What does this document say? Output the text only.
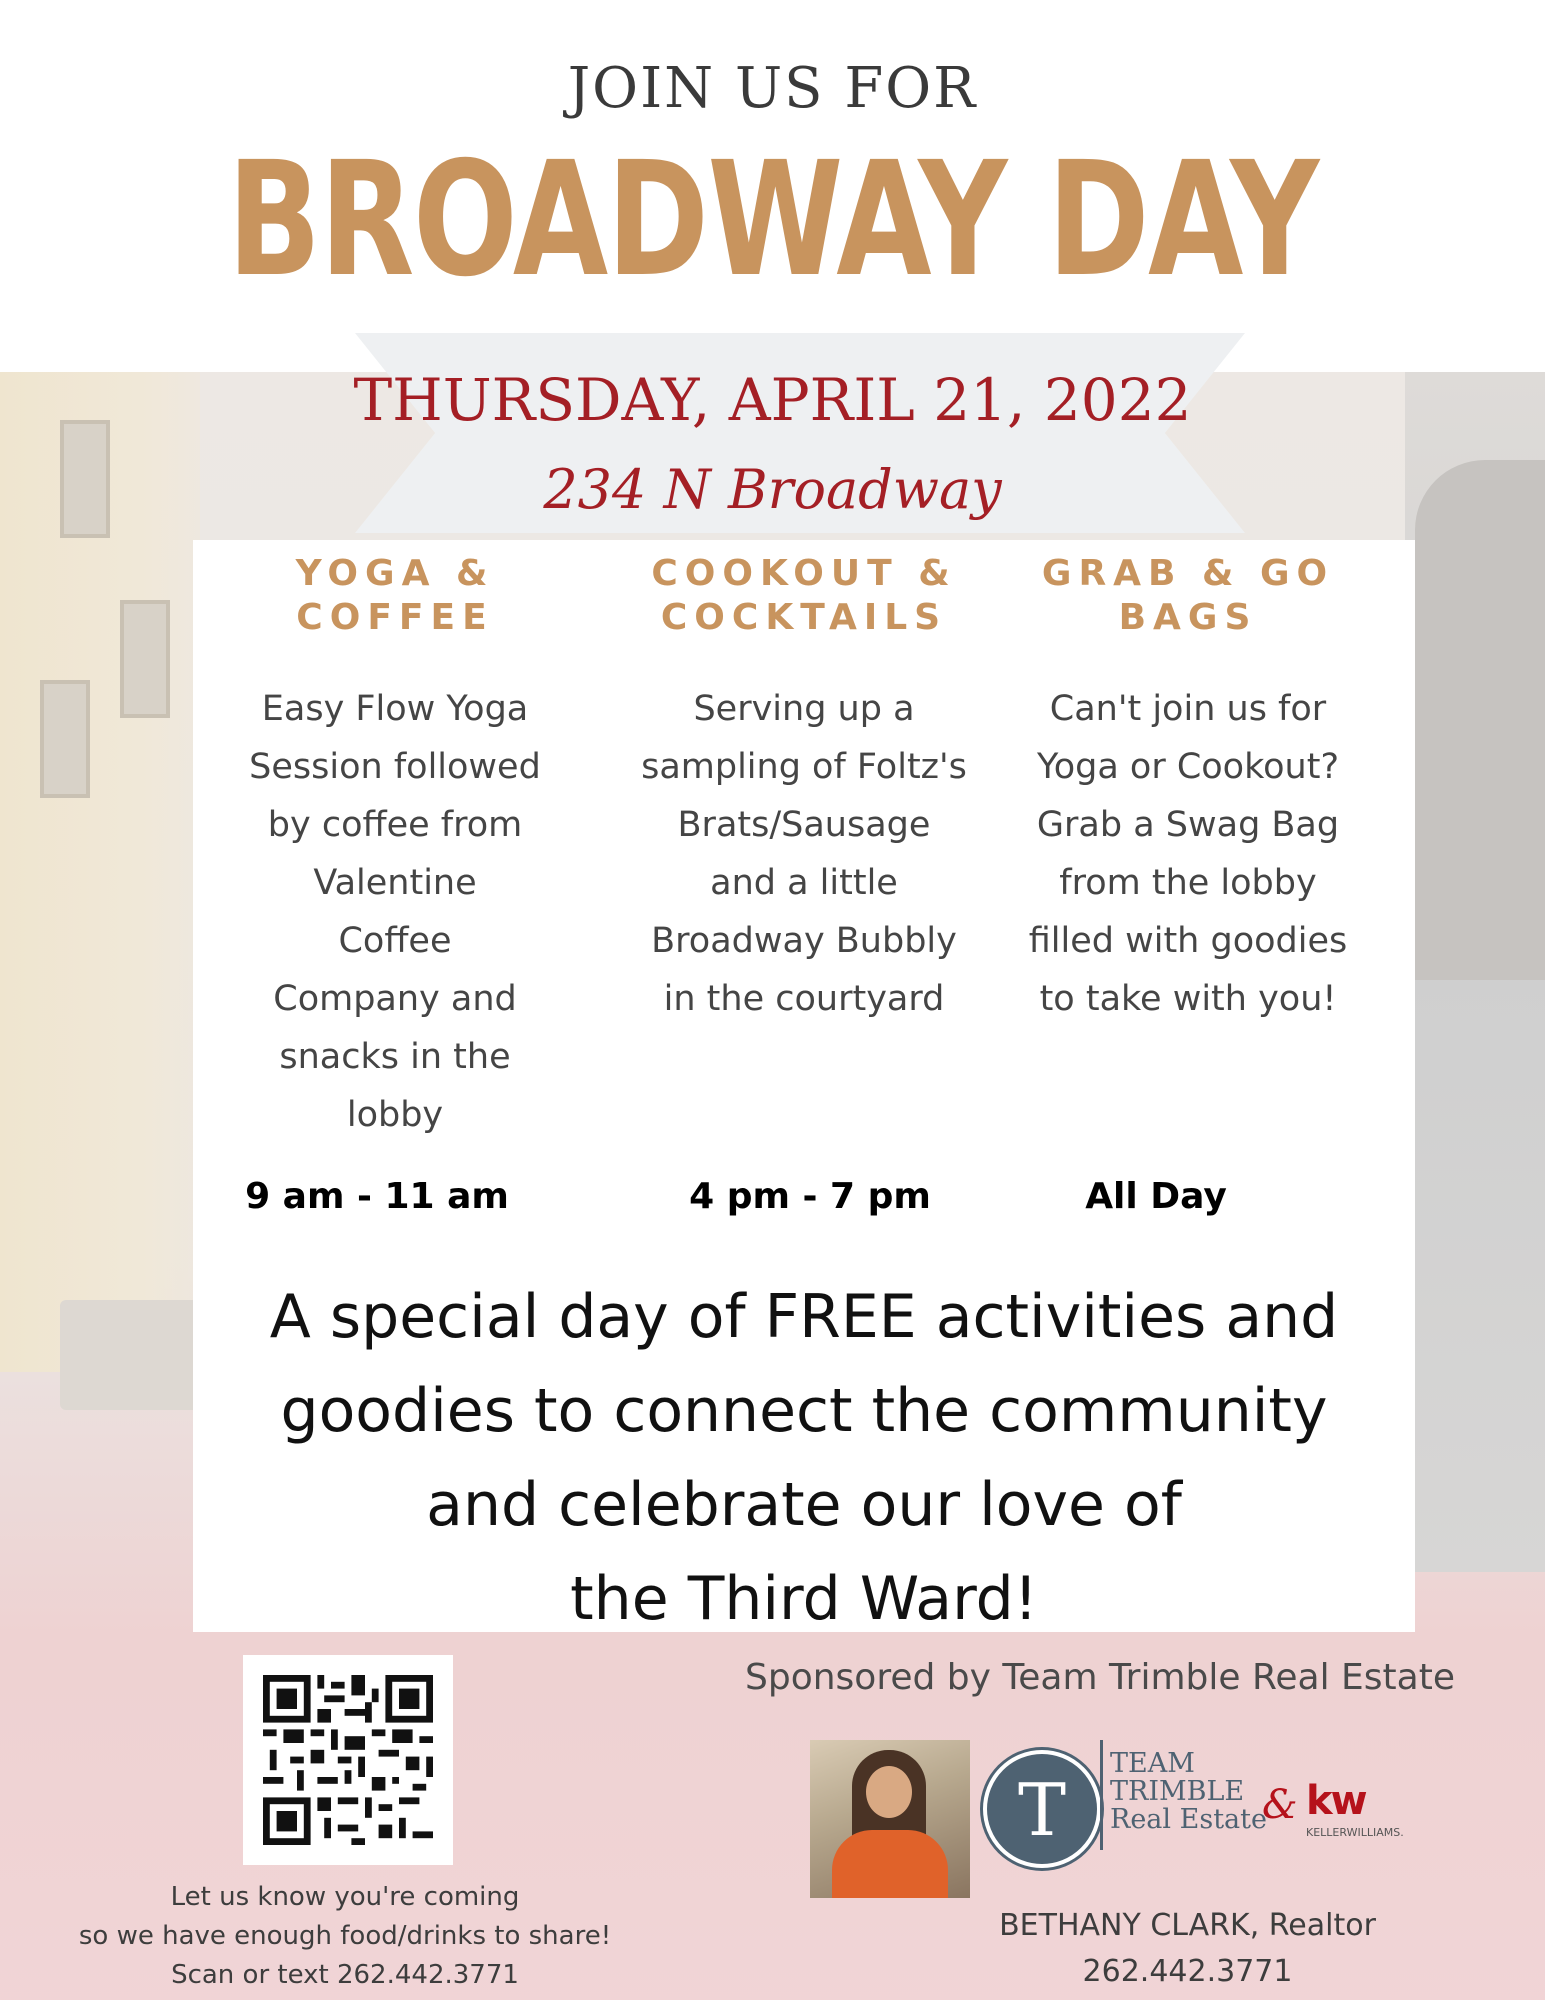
JOIN US FOR
BROADWAY DAY
THURSDAY, APRIL 21, 2022
234 N Broadway
YOGA &
COFFEE
Easy Flow Yoga
Session followed
by coffee from
Valentine
Coffee
Company and
snacks in the
lobby
COOKOUT &
COCKTAILS
Serving up a
sampling of Foltz's
Brats/Sausage
and a little
Broadway Bubbly
in the courtyard
GRAB & GO
BAGS
Can't join us for
Yoga or Cookout?
Grab a Swag Bag
from the lobby
filled with goodies
to take with you!
9 am - 11 am	4 pm - 7 pm	All Day
A special day of FREE activities and
goodies to connect the community
and celebrate our love of
the Third Ward!
Let us know you're coming
so we have enough food/drinks to share!
Scan or text 262.442.3771
Sponsored by Team Trimble Real Estate
T
TEAM
TRIMBLE
Real Estate
& kw
KELLERWILLIAMS.
BETHANY CLARK, Realtor
262.442.3771
